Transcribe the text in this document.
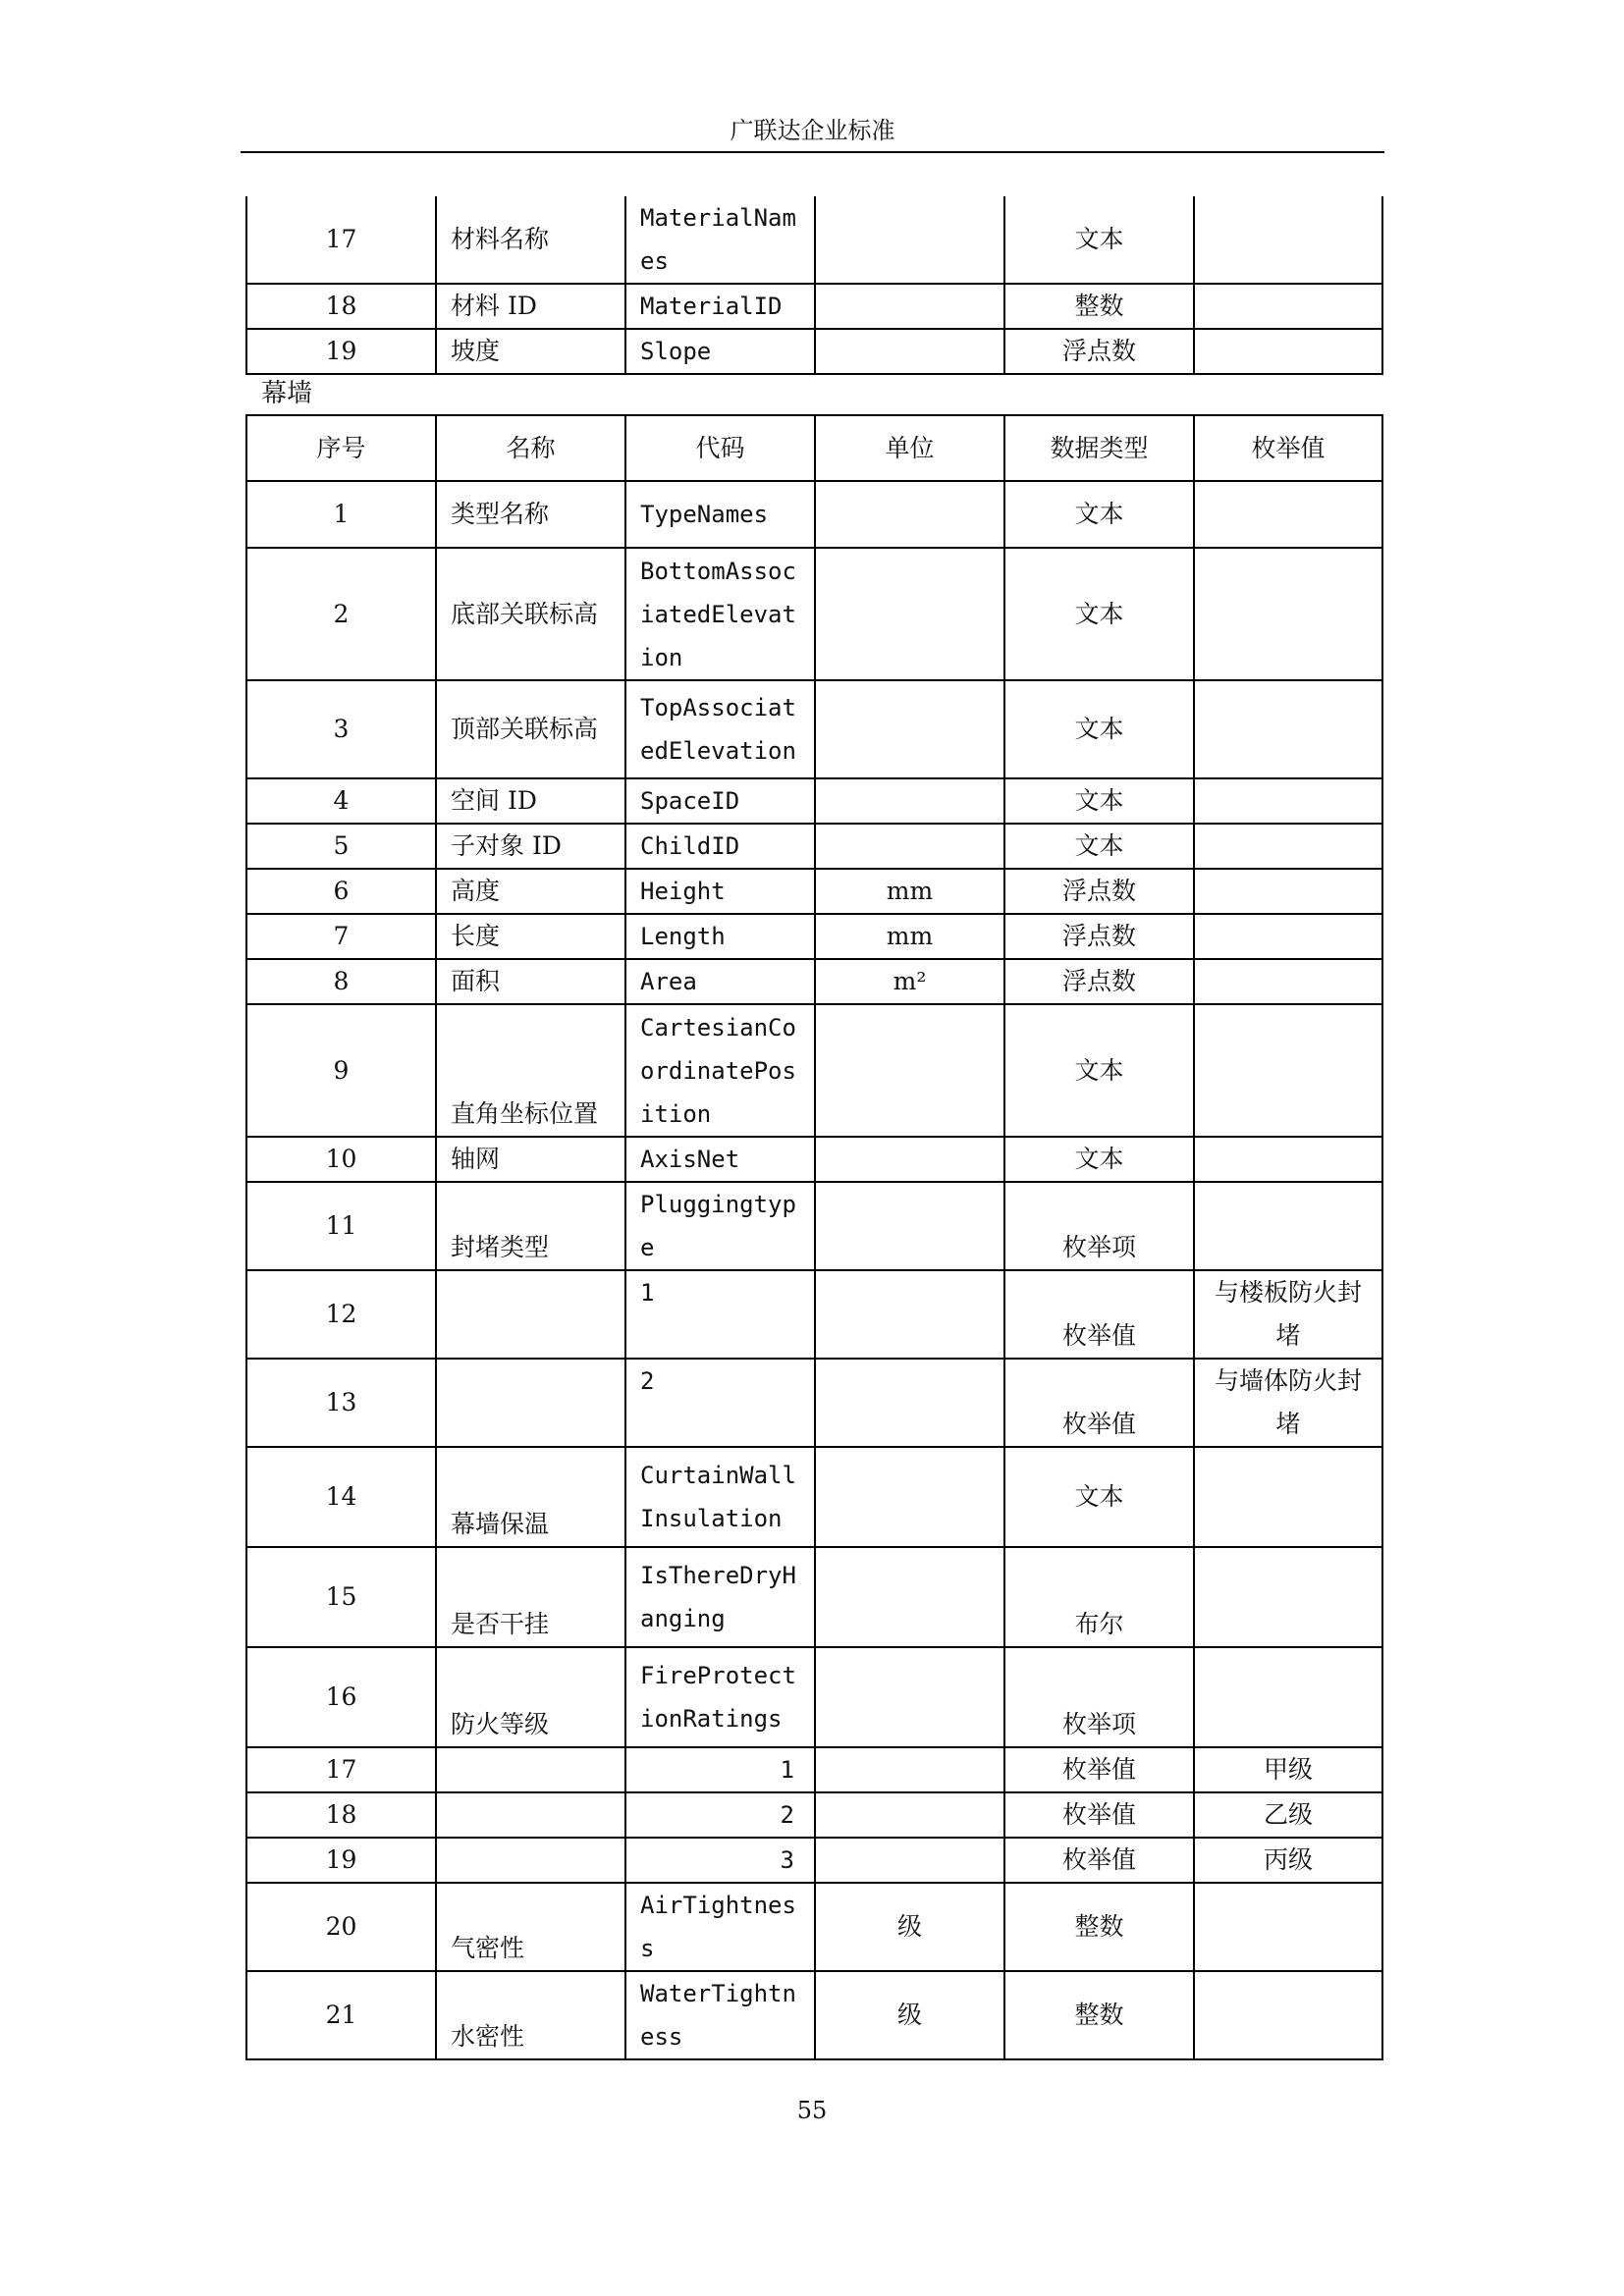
广联达企业标准
17	材料名称	MaterialNames		文本	
18	材料 ID	MaterialID		整数	
19	坡度	Slope		浮点数	
幕墙
序号	名称	代码	单位	数据类型	枚举值
1	类型名称	TypeNames		文本	
2	底部关联标高	BottomAssociatedElevation		文本	
3	顶部关联标高	TopAssociatedElevation		文本	
4	空间 ID	SpaceID		文本	
5	子对象 ID	ChildID		文本	
6	高度	Height	mm	浮点数	
7	长度	Length	mm	浮点数	
8	面积	Area	m²	浮点数	
9	直角坐标位置	CartesianCoordinatePosition		文本	
10	轴网	AxisNet		文本	
11	封堵类型	Pluggingtype		枚举项	
12		1		枚举值	与楼板防火封堵
13		2		枚举值	与墙体防火封堵
14	幕墙保温	CurtainWallInsulation		文本	
15	是否干挂	IsThereDryHanging		布尔	
16	防火等级	FireProtectionRatings		枚举项	
17		1		枚举值	甲级
18		2		枚举值	乙级
19		3		枚举值	丙级
20	气密性	AirTightness	级	整数	
21	水密性	WaterTightness	级	整数	
55
